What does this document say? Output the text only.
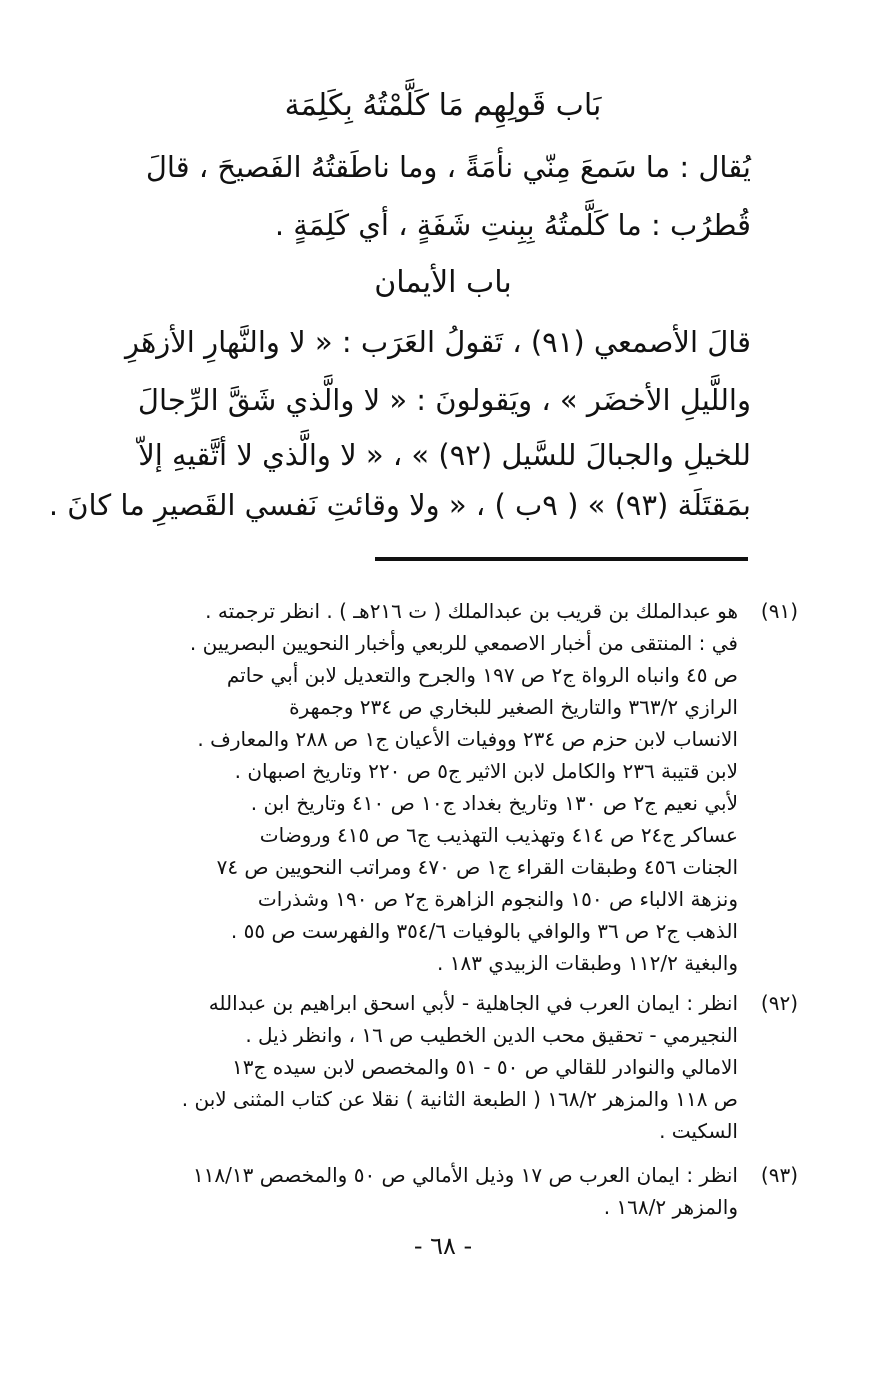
بَاب قَولِهِم مَا كَلَّمْتُهُ بِكَلِمَة
يُقال : ما سَمعَ مِنّي نأمَةً ، وما ناطَقتُهُ الفَصيحَ ، قالَ
قُطرُب : ما كَلَّمتُهُ بِبِنتِ شَفَةٍ ، أي كَلِمَةٍ .
باب الأيمان
قالَ الأصمعي (٩١) ، تَقولُ العَرَب : « لا والنَّهارِ الأزهَرِ
واللَّيلِ الأخضَر » ، ويَقولونَ : « لا والَّذي شَقَّ الرِّجالَ
للخيلِ والجبالَ للسَّيل (٩٢) » ، « لا والَّذي لا أتَّقيهِ إلاّ
بمَقتَلَة (٩٣) » ( ٩ب ) ، « ولا وقائتِ نَفسي القَصيرِ ما كانَ .
(٩١)
هو عبدالملك بن قريب بن عبدالملك ( ت ٢١٦هـ ) . انظر ترجمته .
في : المنتقى من أخبار الاصمعي للربعي وأخبار النحويين البصريين .
ص ٤٥ وانباه الرواة ج٢ ص ١٩٧ والجرح والتعديل لابن أبي حاتم
الرازي ٣٦٣/٢ والتاريخ الصغير للبخاري ص ٢٣٤ وجمهرة
الانساب لابن حزم ص ٢٣٤ ووفيات الأعيان ج١ ص ٢٨٨ والمعارف .
لابن قتيبة ٢٣٦ والكامل لابن الاثير ج٥ ص ٢٢٠ وتاريخ اصبهان .
لأبي نعيم ج٢ ص ١٣٠ وتاريخ بغداد ج١٠ ص ٤١٠ وتاريخ ابن .
عساكر ج٢٤ ص ٤١٤ وتهذيب التهذيب ج٦ ص ٤١٥ وروضات
الجنات ٤٥٦ وطبقات القراء ج١ ص ٤٧٠ ومراتب النحويين ص ٧٤
ونزهة الالباء ص ١٥٠ والنجوم الزاهرة ج٢ ص ١٩٠ وشذرات
الذهب ج٢ ص ٣٦ والوافي بالوفيات ٣٥٤/٦ والفهرست ص ٥٥ .
والبغية ١١٢/٢ وطبقات الزبيدي ١٨٣ .
(٩٢)
انظر : ايمان العرب في الجاهلية - لأبي اسحق ابراهيم بن عبدالله
النجيرمي - تحقيق محب الدين الخطيب ص ١٦ ، وانظر ذيل .
الامالي والنوادر للقالي ص ٥٠ - ٥١ والمخصص لابن سيده ج١٣
ص ١١٨ والمزهر ١٦٨/٢ ( الطبعة الثانية ) نقلا عن كتاب المثنى لابن .
السكيت .
(٩٣)
انظر : ايمان العرب ص ١٧ وذيل الأمالي ص ٥٠ والمخصص ١١٨/١٣
والمزهر ١٦٨/٢ .
- ٦٨ -
